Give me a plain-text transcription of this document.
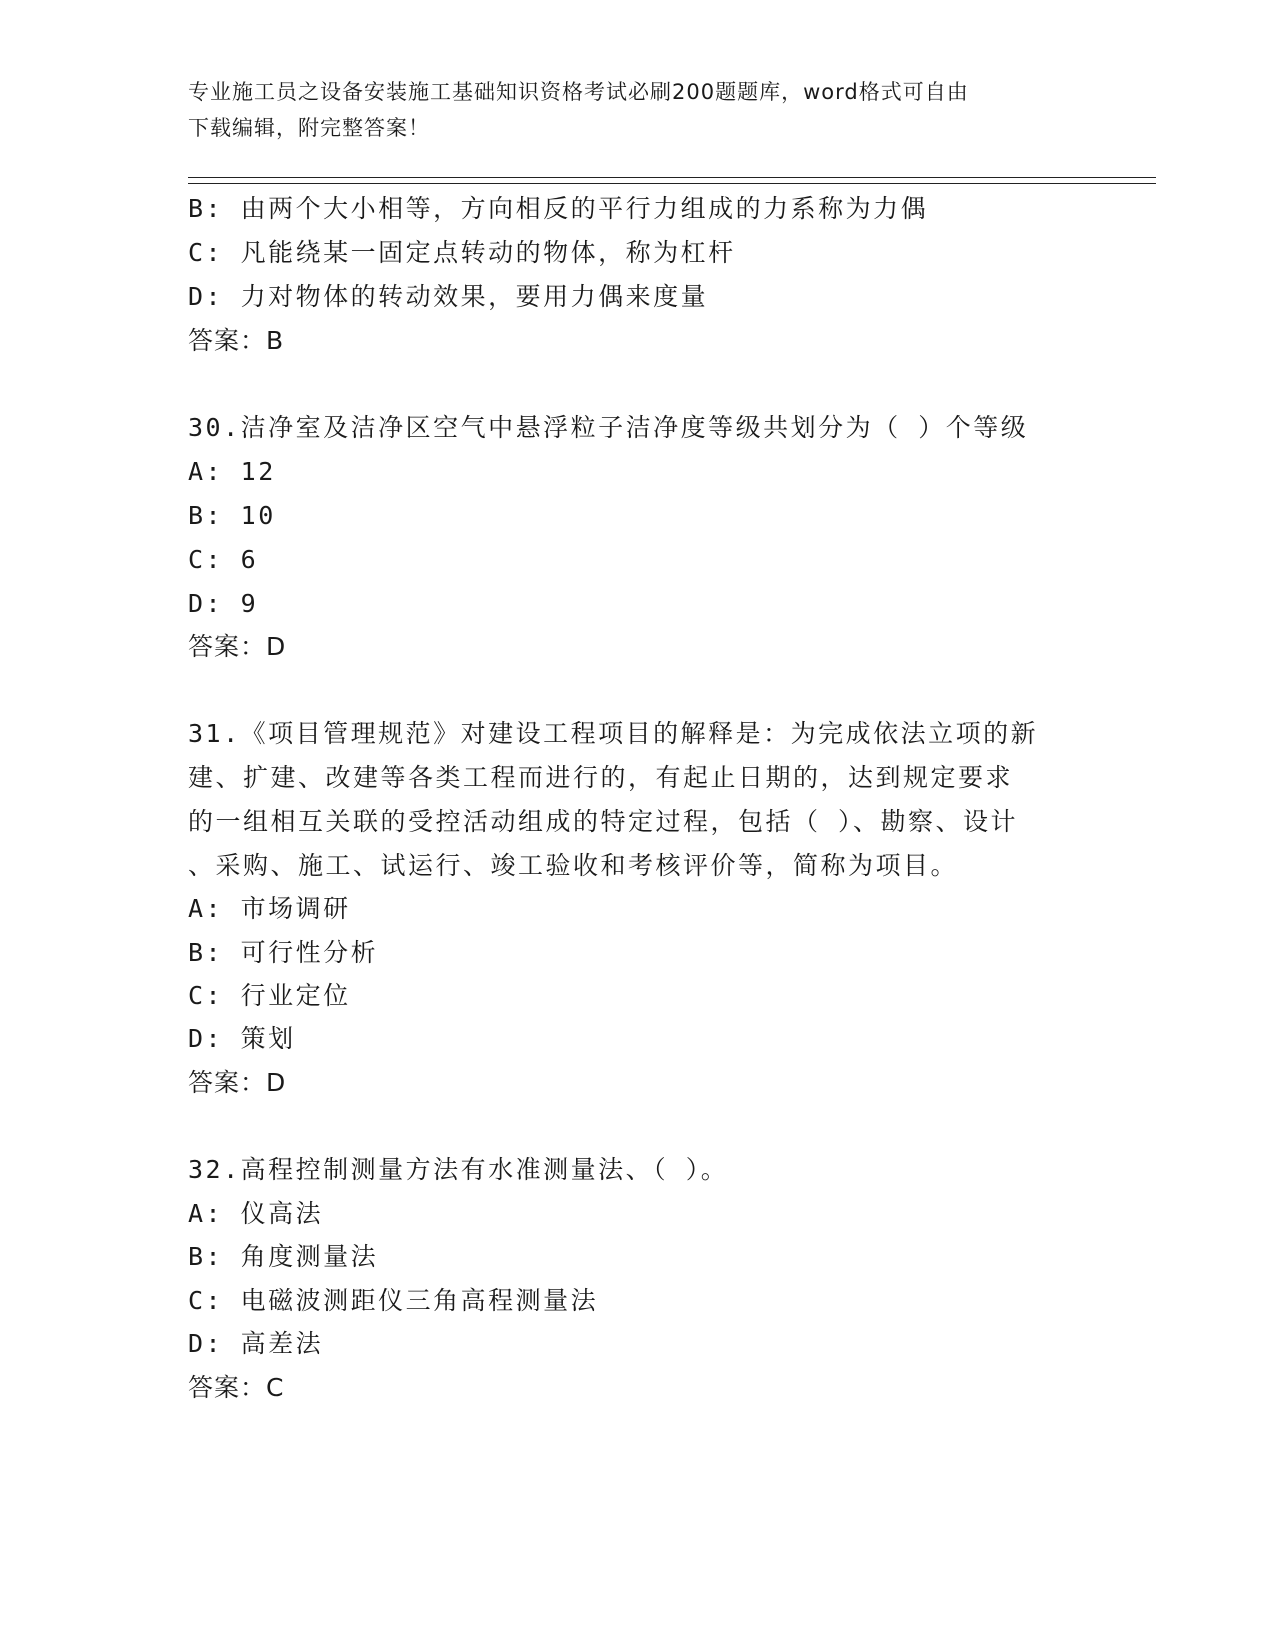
专业施工员之设备安装施工基础知识资格考试必刷200题题库，word格式可自由
下载编辑，附完整答案！
B: 由两个大小相等，方向相反的平行力组成的力系称为力偶
C: 凡能绕某一固定点转动的物体，称为杠杆
D: 力对物体的转动效果，要用力偶来度量
答案：B
30.洁净室及洁净区空气中悬浮粒子洁净度等级共划分为（ ）个等级
A: 12
B: 10
C: 6
D: 9
答案：D
31.《项目管理规范》对建设工程项目的解释是：为完成依法立项的新
建、扩建、改建等各类工程而进行的，有起止日期的，达到规定要求
的一组相互关联的受控活动组成的特定过程，包括（ ）、勘察、设计
、采购、施工、试运行、竣工验收和考核评价等，简称为项目。
A: 市场调研
B: 可行性分析
C: 行业定位
D: 策划
答案：D
32.高程控制测量方法有水准测量法、（ ）。
A: 仪高法
B: 角度测量法
C: 电磁波测距仪三角高程测量法
D: 高差法
答案：C
